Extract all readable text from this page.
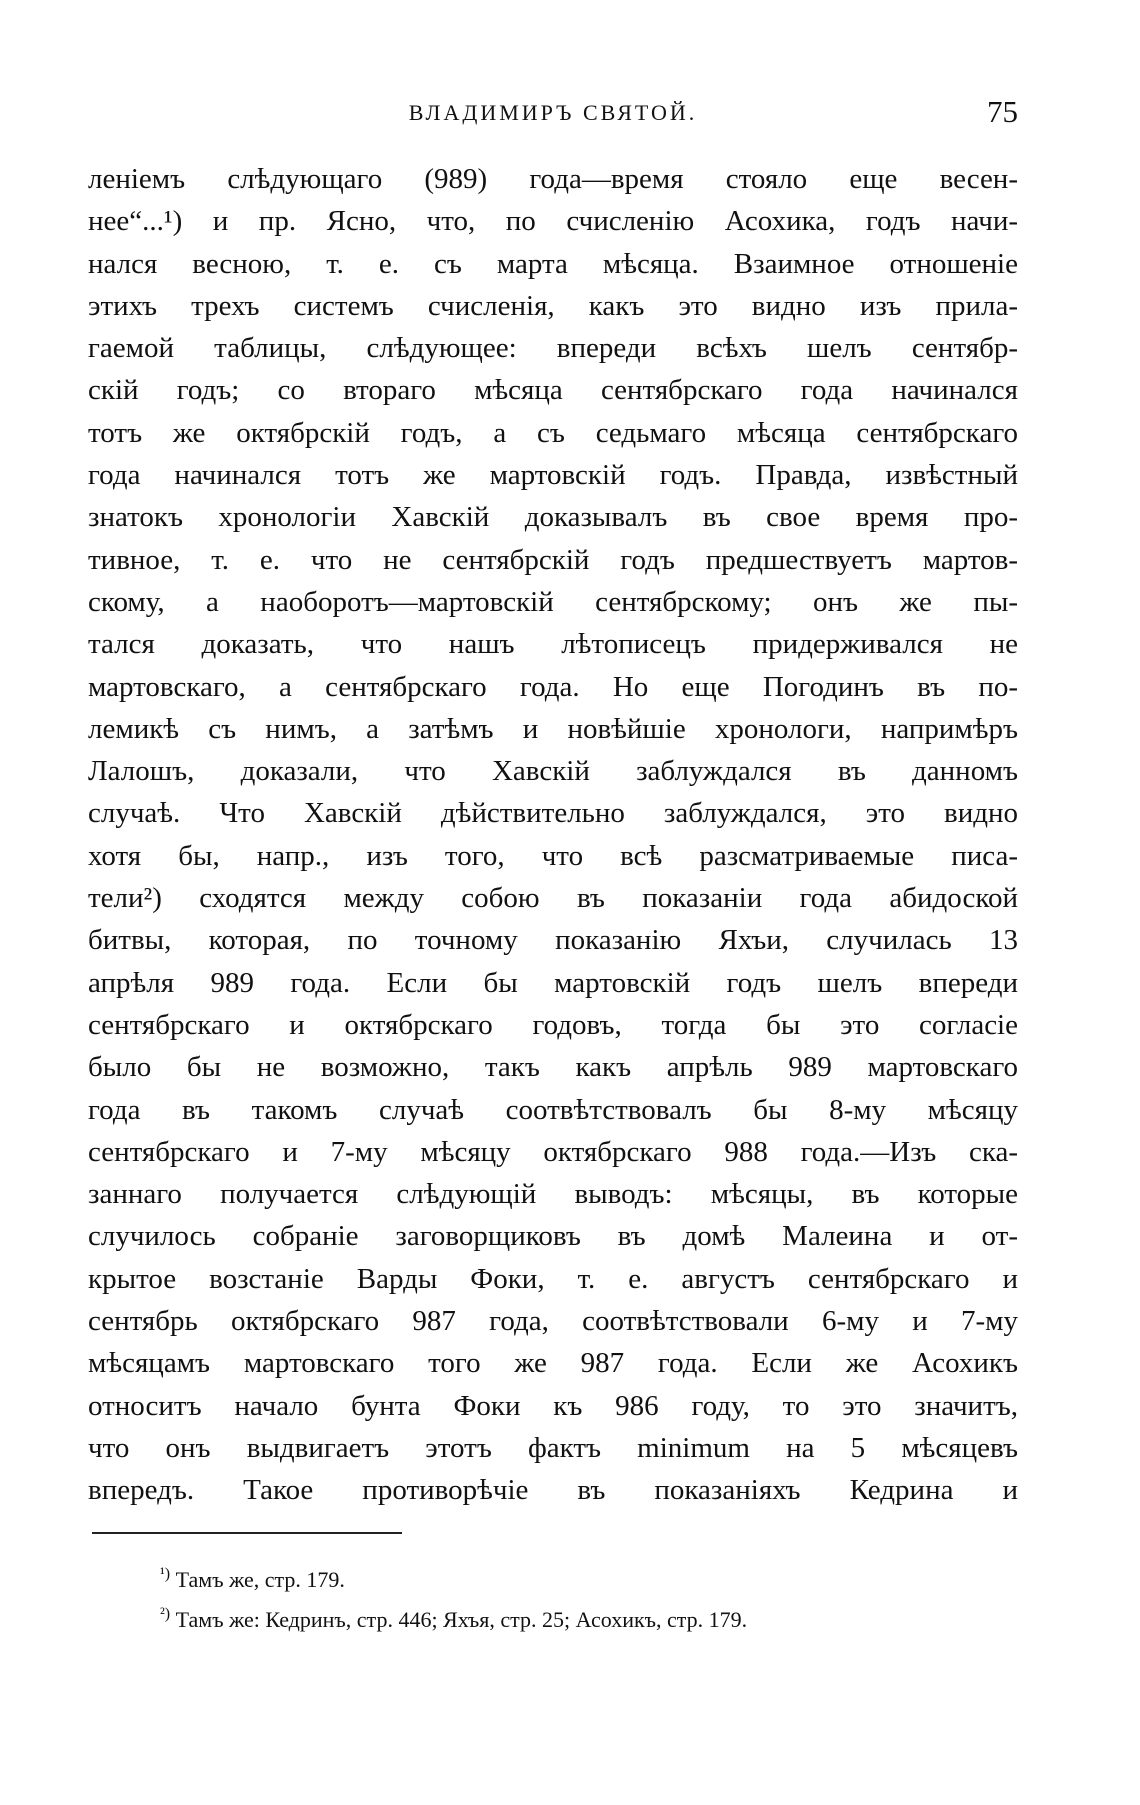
ВЛАДИМИРЪ СВЯТОЙ.	75
леніемъ слѣдующаго (989) года—время стояло еще весен-
нее“...¹) и пр. Ясно, что, по счисленію Асохика, годъ начи-
нался весною, т. е. съ марта мѣсяца. Взаимное отношеніе
этихъ трехъ системъ счисленія, какъ это видно изъ прила-
гаемой таблицы, слѣдующее: впереди всѣхъ шелъ сентябр-
скій годъ; со втораго мѣсяца сентябрскаго года начинался
тотъ же октябрскій годъ, а съ седьмаго мѣсяца сентябрскаго
года начинался тотъ же мартовскій годъ. Правда, извѣстный
знатокъ хронологіи Хавскій доказывалъ въ свое время про-
тивное, т. е. что не сентябрскій годъ предшествуетъ мартов-
скому, а наоборотъ—мартовскій сентябрскому; онъ же пы-
тался доказать, что нашъ лѣтописецъ придерживался не
мартовскаго, а сентябрскаго года. Но еще Погодинъ въ по-
лемикѣ съ нимъ, а затѣмъ и новѣйшіе хронологи, напримѣръ
Лалошъ, доказали, что Хавскій заблуждался въ данномъ
случаѣ. Что Хавскій дѣйствительно заблуждался, это видно
хотя бы, напр., изъ того, что всѣ разсматриваемые писа-
тели²) сходятся между собою въ показаніи года абидоской
битвы, которая, по точному показанію Яхъи, случилась 13
апрѣля 989 года. Если бы мартовскій годъ шелъ впереди
сентябрскаго и октябрскаго годовъ, тогда бы это согласіе
было бы не возможно, такъ какъ апрѣль 989 мартовскаго
года въ такомъ случаѣ соотвѣтствовалъ бы 8-му мѣсяцу
сентябрскаго и 7-му мѣсяцу октябрскаго 988 года.—Изъ ска-
заннаго получается слѣдующій выводъ: мѣсяцы, въ которые
случилось собраніе заговорщиковъ въ домѣ Малеина и от-
крытое возстаніе Варды Фоки, т. е. августъ сентябрскаго и
сентябрь октябрскаго 987 года, соотвѣтствовали 6-му и 7-му
мѣсяцамъ мартовскаго того же 987 года. Если же Асохикъ
относитъ начало бунта Фоки къ 986 году, то это значитъ,
что онъ выдвигаетъ этотъ фактъ minimum на 5 мѣсяцевъ
впередъ. Такое противорѣчіе въ показаніяхъ Кедрина и
$^{^1)}$ Тамъ же, стр. 179.
$^{^2)}$ Тамъ же: Кедринъ, стр. 446; Яхъя, стр. 25; Асохикъ, стр. 179.
